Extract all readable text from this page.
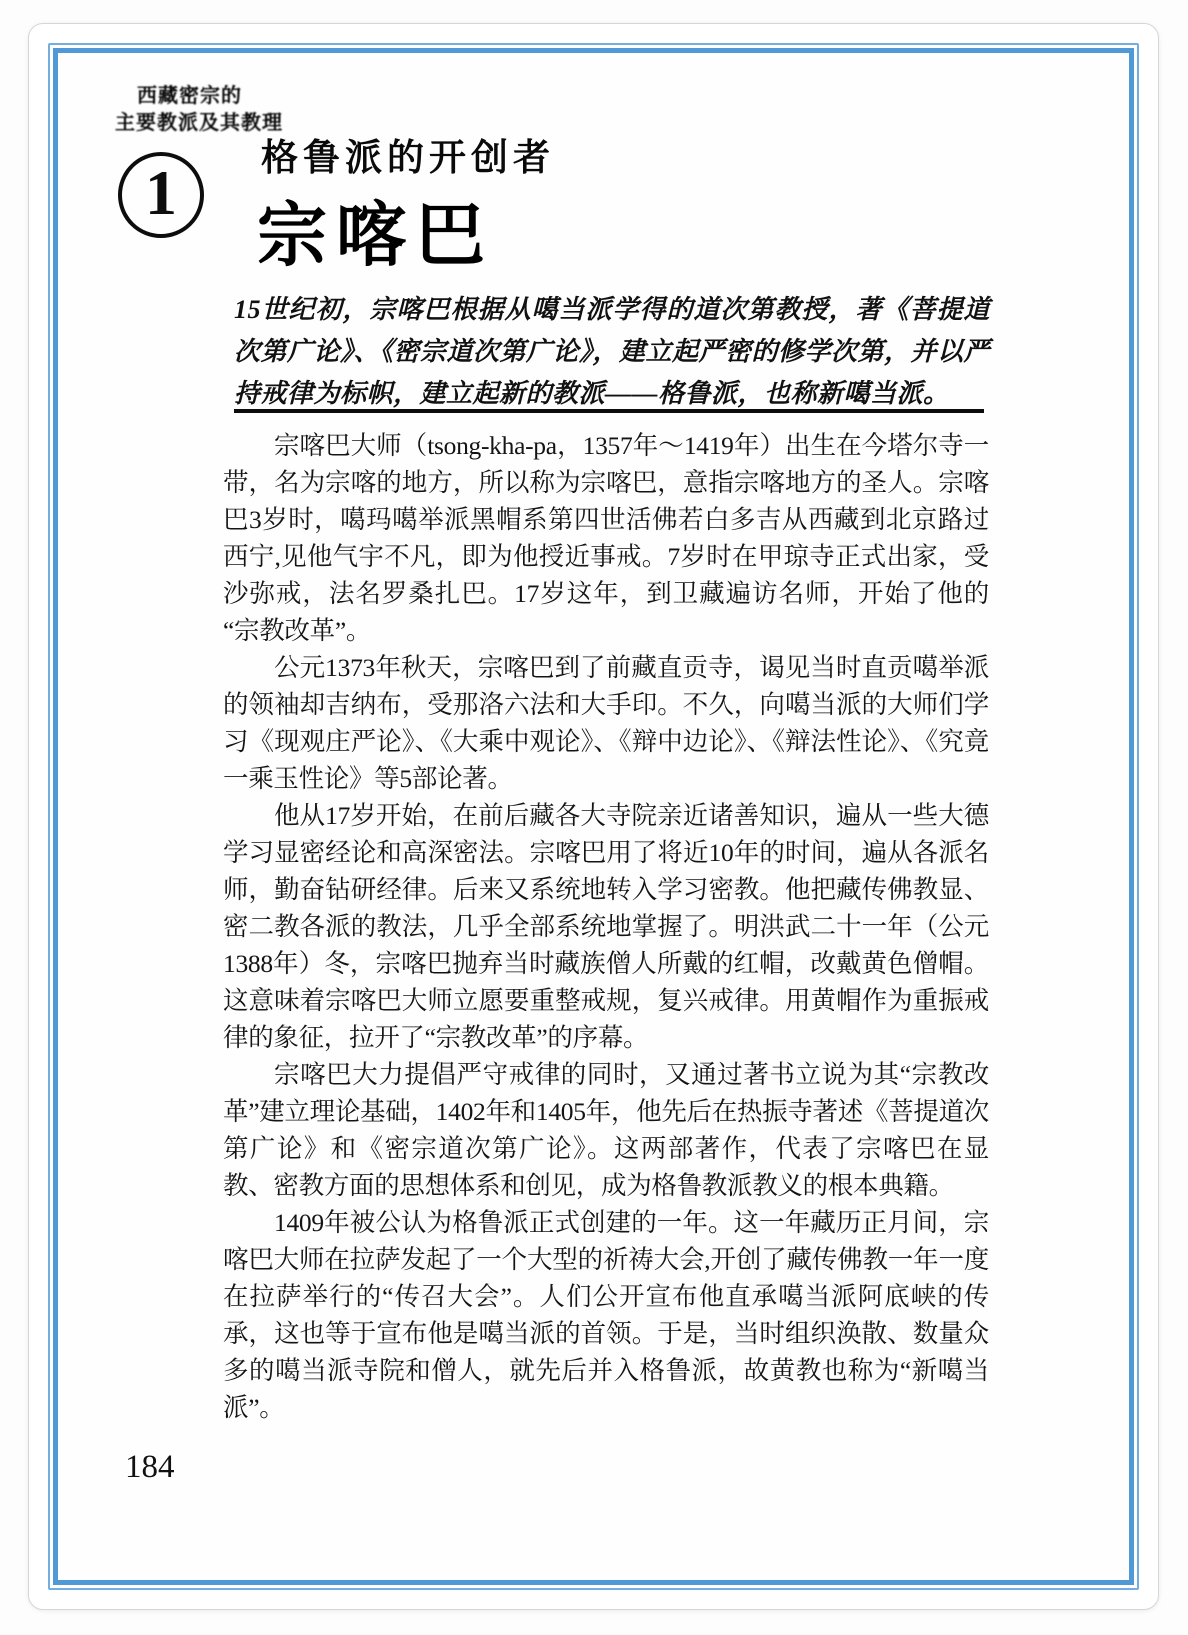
西藏密宗的
主要教派及其教理
1 格鲁派的开创者
宗喀巴
15世纪初，宗喀巴根据从噶当派学得的道次第教授，著《菩提道次第广论》、《密宗道次第广论》，建立起严密的修学次第，并以严持戒律为标帜，建立起新的教派——格鲁派，也称新噶当派。

宗喀巴大师（tsong-kha-pa，1357年～1419年）出生在今塔尔寺一带，名为宗喀的地方，所以称为宗喀巴，意指宗喀地方的圣人。宗喀巴3岁时，噶玛噶举派黑帽系第四世活佛若白多吉从西藏到北京路过西宁,见他气宇不凡，即为他授近事戒。7岁时在甲琼寺正式出家，受沙弥戒，法名罗桑扎巴。17岁这年，到卫藏遍访名师，开始了他的“宗教改革”。

公元1373年秋天，宗喀巴到了前藏直贡寺，谒见当时直贡噶举派的领袖却吉纳布，受那洛六法和大手印。不久，向噶当派的大师们学习《现观庄严论》、《大乘中观论》、《辩中边论》、《辩法性论》、《究竟一乘玉性论》等5部论著。

他从17岁开始，在前后藏各大寺院亲近诸善知识，遍从一些大德学习显密经论和高深密法。宗喀巴用了将近10年的时间，遍从各派名师，勤奋钻研经律。后来又系统地转入学习密教。他把藏传佛教显、密二教各派的教法，几乎全部系统地掌握了。明洪武二十一年（公元1388年）冬，宗喀巴抛弃当时藏族僧人所戴的红帽，改戴黄色僧帽。这意味着宗喀巴大师立愿要重整戒规，复兴戒律。用黄帽作为重振戒律的象征，拉开了“宗教改革”的序幕。

宗喀巴大力提倡严守戒律的同时，又通过著书立说为其“宗教改革”建立理论基础，1402年和1405年，他先后在热振寺著述《菩提道次第广论》和《密宗道次第广论》。这两部著作，代表了宗喀巴在显教、密教方面的思想体系和创见，成为格鲁教派教义的根本典籍。

1409年被公认为格鲁派正式创建的一年。这一年藏历正月间，宗喀巴大师在拉萨发起了一个大型的祈祷大会,开创了藏传佛教一年一度在拉萨举行的“传召大会”。人们公开宣布他直承噶当派阿底峡的传承，这也等于宣布他是噶当派的首领。于是，当时组织涣散、数量众多的噶当派寺院和僧人，就先后并入格鲁派，故黄教也称为“新噶当派”。

184
